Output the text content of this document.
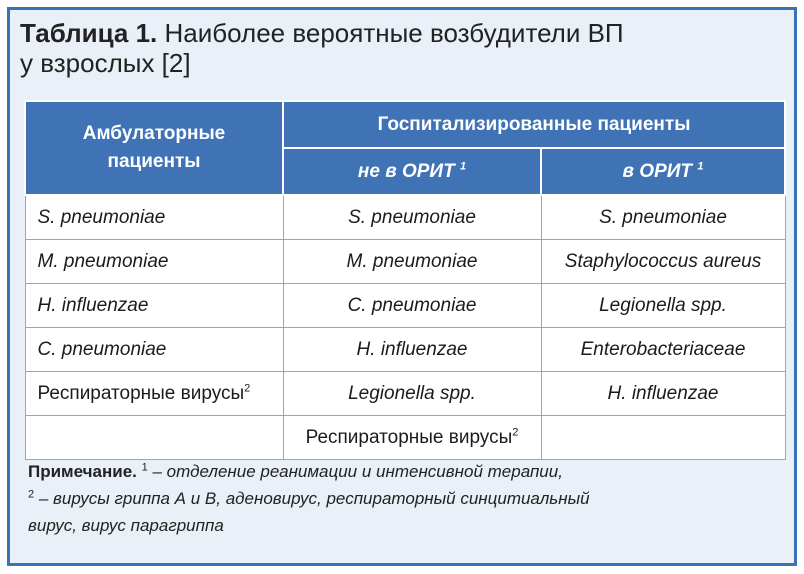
Таблица 1. Наиболее вероятные возбудители ВП
у взрослых [2]
Амбулаторные
пациенты	Госпитализированные пациенты	
	не в ОРИТ $^1$	в ОРИТ $^1$
S. pneumoniae	S. pneumoniae	S. pneumoniae
M. pneumoniae	M. pneumoniae	Staphylococcus aureus
H. influenzae	C. pneumoniae	Legionella spp.
C. pneumoniae	H. influenzae	Enterobacteriaceae
Респираторные вирусы$^2$	Legionella spp.	H. influenzae
	Респираторные вирусы$^2$	
Примечание. $^1$ – отделение реанимации и интенсивной терапии,
$^2$ – вирусы гриппа А и В, аденовирус, респираторный синцитиальный
вирус, вирус парагриппа
